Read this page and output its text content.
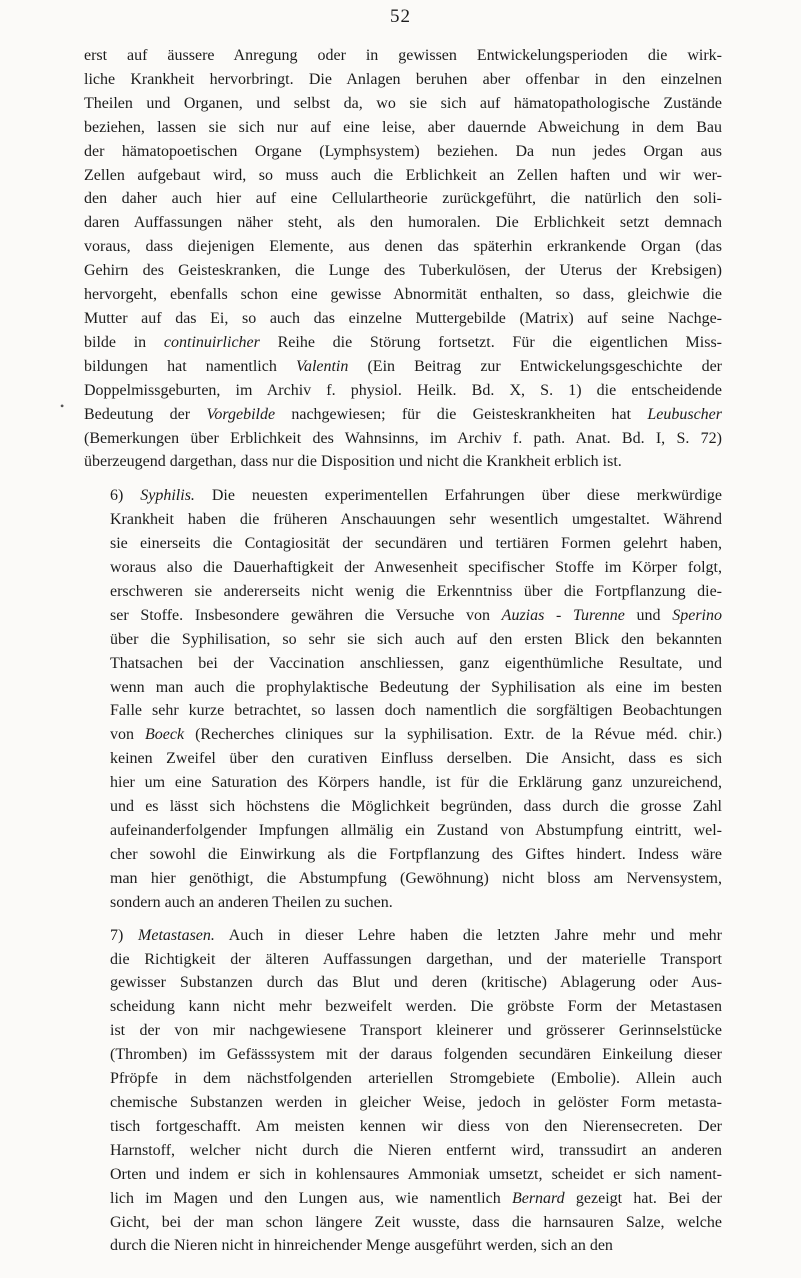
52
•
erst auf äussere Anregung oder in gewissen Entwickelungsperioden die wirk-
liche Krankheit hervorbringt. Die Anlagen beruhen aber offenbar in den einzelnen
Theilen und Organen, und selbst da, wo sie sich auf hämatopathologische Zustände
beziehen, lassen sie sich nur auf eine leise, aber dauernde Abweichung in dem Bau
der hämatopoetischen Organe (Lymphsystem) beziehen. Da nun jedes Organ aus
Zellen aufgebaut wird, so muss auch die Erblichkeit an Zellen haften und wir wer-
den daher auch hier auf eine Cellulartheorie zurückgeführt, die natürlich den soli-
daren Auffassungen näher steht, als den humoralen. Die Erblichkeit setzt demnach
voraus, dass diejenigen Elemente, aus denen das späterhin erkrankende Organ (das
Gehirn des Geisteskranken, die Lunge des Tuberkulösen, der Uterus der Krebsigen)
hervorgeht, ebenfalls schon eine gewisse Abnormität enthalten, so dass, gleichwie die
Mutter auf das Ei, so auch das einzelne Muttergebilde (Matrix) auf seine Nachge-
bilde in continuirlicher Reihe die Störung fortsetzt. Für die eigentlichen Miss-
bildungen hat namentlich Valentin (Ein Beitrag zur Entwickelungsgeschichte der
Doppelmissgeburten, im Archiv f. physiol. Heilk. Bd. X, S. 1) die entscheidende
Bedeutung der Vorgebilde nachgewiesen; für die Geisteskrankheiten hat Leubuscher
(Bemerkungen über Erblichkeit des Wahnsinns, im Archiv f. path. Anat. Bd. I, S. 72)
überzeugend dargethan, dass nur die Disposition und nicht die Krankheit erblich ist.
6) Syphilis. Die neuesten experimentellen Erfahrungen über diese merkwürdige
Krankheit haben die früheren Anschauungen sehr wesentlich umgestaltet. Während
sie einerseits die Contagiosität der secundären und tertiären Formen gelehrt haben,
woraus also die Dauerhaftigkeit der Anwesenheit specifischer Stoffe im Körper folgt,
erschweren sie andererseits nicht wenig die Erkenntniss über die Fortpflanzung die-
ser Stoffe. Insbesondere gewähren die Versuche von Auzias - Turenne und Sperino
über die Syphilisation, so sehr sie sich auch auf den ersten Blick den bekannten
Thatsachen bei der Vaccination anschliessen, ganz eigenthümliche Resultate, und
wenn man auch die prophylaktische Bedeutung der Syphilisation als eine im besten
Falle sehr kurze betrachtet, so lassen doch namentlich die sorgfältigen Beobachtungen
von Boeck (Recherches cliniques sur la syphilisation. Extr. de la Révue méd. chir.)
keinen Zweifel über den curativen Einfluss derselben. Die Ansicht, dass es sich
hier um eine Saturation des Körpers handle, ist für die Erklärung ganz unzureichend,
und es lässt sich höchstens die Möglichkeit begründen, dass durch die grosse Zahl
aufeinanderfolgender Impfungen allmälig ein Zustand von Abstumpfung eintritt, wel-
cher sowohl die Einwirkung als die Fortpflanzung des Giftes hindert. Indess wäre
man hier genöthigt, die Abstumpfung (Gewöhnung) nicht bloss am Nervensystem,
sondern auch an anderen Theilen zu suchen.
7) Metastasen. Auch in dieser Lehre haben die letzten Jahre mehr und mehr
die Richtigkeit der älteren Auffassungen dargethan, und der materielle Transport
gewisser Substanzen durch das Blut und deren (kritische) Ablagerung oder Aus-
scheidung kann nicht mehr bezweifelt werden. Die gröbste Form der Metastasen
ist der von mir nachgewiesene Transport kleinerer und grösserer Gerinnselstücke
(Thromben) im Gefässsystem mit der daraus folgenden secundären Einkeilung dieser
Pfröpfe in dem nächstfolgenden arteriellen Stromgebiete (Embolie). Allein auch
chemische Substanzen werden in gleicher Weise, jedoch in gelöster Form metasta-
tisch fortgeschafft. Am meisten kennen wir diess von den Nierensecreten. Der
Harnstoff, welcher nicht durch die Nieren entfernt wird, transsudirt an anderen
Orten und indem er sich in kohlensaures Ammoniak umsetzt, scheidet er sich nament-
lich im Magen und den Lungen aus, wie namentlich Bernard gezeigt hat. Bei der
Gicht, bei der man schon längere Zeit wusste, dass die harnsauren Salze, welche
durch die Nieren nicht in hinreichender Menge ausgeführt werden, sich an den
